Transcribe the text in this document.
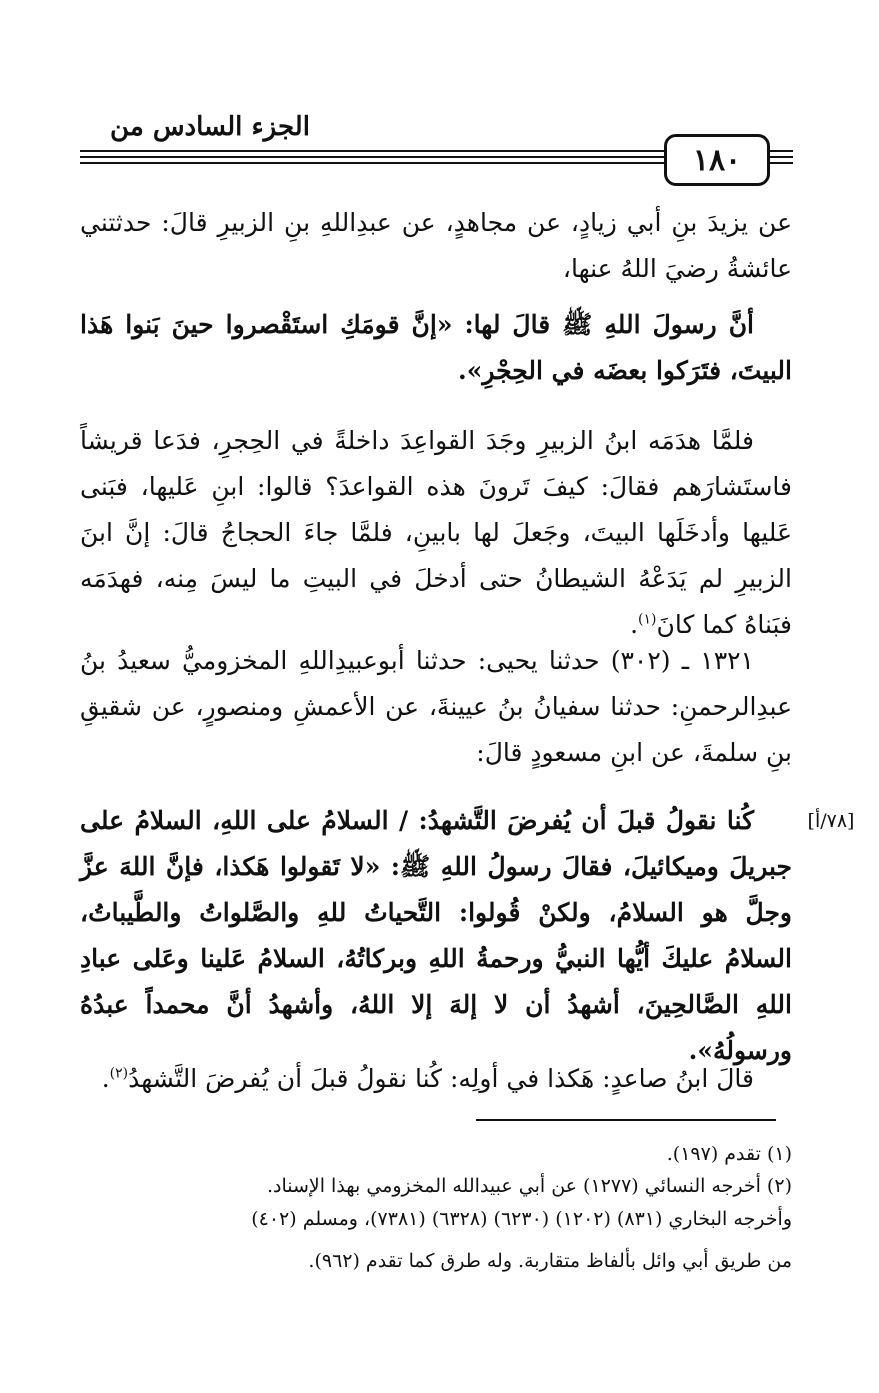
الجزء السادس من
١٨٠

عن يزيدَ بنِ أبي زيادٍ، عن مجاهدٍ، عن عبدِاللهِ بنِ الزبيرِ قالَ: حدثتني عائشةُ رضيَ اللهُ عنها،

أنَّ رسولَ اللهِ ﷺ قالَ لها: «إنَّ قومَكِ استَقْصروا حينَ بَنوا هَذا البيتَ، فتَرَكوا بعضَه في الحِجْرِ».

فلمَّا هدَمَه ابنُ الزبيرِ وجَدَ القواعِدَ داخلةً في الحِجرِ، فدَعا قريشاً فاستَشارَهم فقالَ: كيفَ تَرونَ هذه القواعدَ؟ قالوا: ابنِ عَليها، فبَنى عَليها وأدخَلَها البيتَ، وجَعلَ لها بابينِ، فلمَّا جاءَ الحجاجُ قالَ: إنَّ ابنَ الزبيرِ لم يَدَعْهُ الشيطانُ حتى أدخلَ في البيتِ ما ليسَ مِنه، فهدَمَه فبَناهُ كما كانَ$^{(١)}$.

١٣٢١ ـ (٣٠٢) حدثنا يحيى: حدثنا أبوعبيدِاللهِ المخزوميُّ سعيدُ بنُ عبدِالرحمنِ: حدثنا سفيانُ بنُ عيينةَ، عن الأعمشِ ومنصورٍ، عن شقيقِ بنِ سلمةَ، عن ابنِ مسعودٍ قالَ:

[٧٨/أ]

كُنا نقولُ قبلَ أن يُفرضَ التَّشهدُ: / السلامُ على اللهِ، السلامُ على جبريلَ وميكائيلَ، فقالَ رسولُ اللهِ ﷺ: «لا تَقولوا هَكذا، فإنَّ اللهَ عزَّ وجلَّ هو السلامُ، ولكنْ قُولوا: التَّحياتُ للهِ والصَّلواتُ والطَّيباتُ، السلامُ عليكَ أيُّها النبيُّ ورحمةُ اللهِ وبركاتُهُ، السلامُ عَلينا وعَلى عبادِ اللهِ الصَّالحِينَ، أشهدُ أن لا إلهَ إلا اللهُ، وأشهدُ أنَّ محمداً عبدُهُ ورسولُهُ».

قالَ ابنُ صاعدٍ: هَكذا في أولِه: كُنا نقولُ قبلَ أن يُفرضَ التَّشهدُ$^{(٢)}$.

(١) تقدم (١٩٧).

(٢) أخرجه النسائي (١٢٧٧) عن أبي عبيدالله المخزومي بهذا الإسناد.

وأخرجه البخاري (٨٣١) (١٢٠٢) (٦٢٣٠) (٦٣٢٨) (٧٣٨١)، ومسلم (٤٠٢)

من طريق أبي وائل بألفاظ متقاربة. وله طرق كما تقدم (٩٦٢).
